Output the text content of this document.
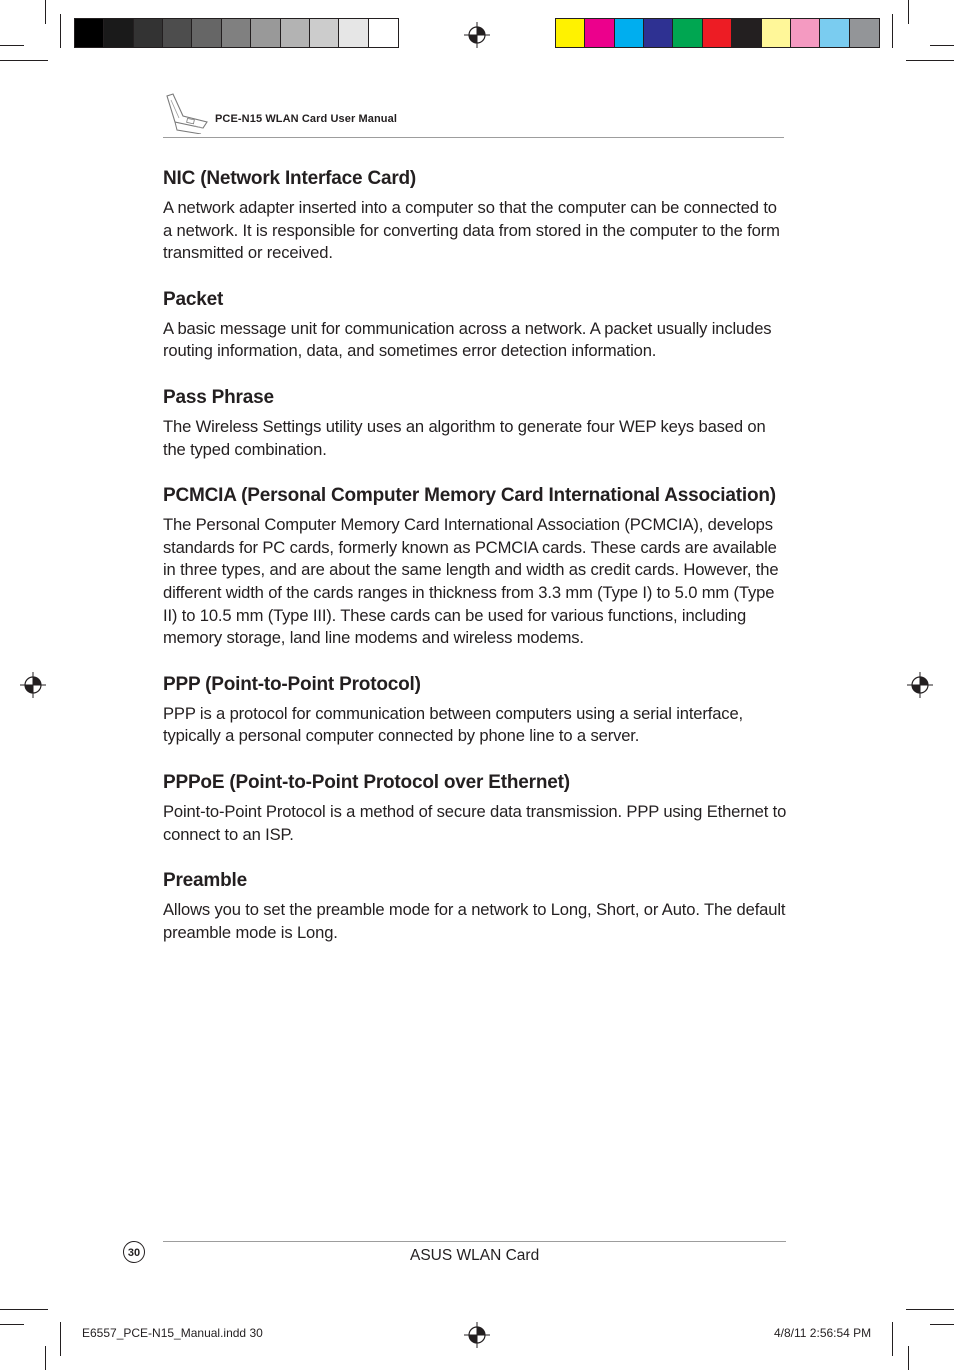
PCE-N15 WLAN Card User Manual
NIC (Network Interface Card)

A network adapter inserted into a computer so that the computer can be connected to a network. It is responsible for converting data from stored in the computer to the form transmitted or received.

Packet

A basic message unit for communication across a network. A packet usually includes routing information, data, and sometimes error detection information.

Pass Phrase

The Wireless Settings utility uses an algorithm to generate four WEP keys based on the typed combination.

PCMCIA (Personal Computer Memory Card International Association)

The Personal Computer Memory Card International Association (PCMCIA), develops standards for PC cards, formerly known as PCMCIA cards. These cards are available in three types, and are about the same length and width as credit cards. However, the different width of the cards ranges in thickness from 3.3 mm (Type I) to 5.0 mm (Type II) to 10.5 mm (Type III). These cards can be used for various functions, including memory storage, land line modems and wireless modems.

PPP (Point-to-Point Protocol)

PPP is a protocol for communication between computers using a serial interface, typically a personal computer connected by phone line to a server.

PPPoE (Point-to-Point Protocol over Ethernet)

Point-to-Point Protocol is a method of secure data transmission. PPP using Ethernet to connect to an ISP.

Preamble

Allows you to set the preamble mode for a network to Long, Short, or Auto. The default preamble mode is Long.

30	ASUS WLAN Card
E6557_PCE-N15_Manual.indd 30	4/8/11 2:56:54 PM
